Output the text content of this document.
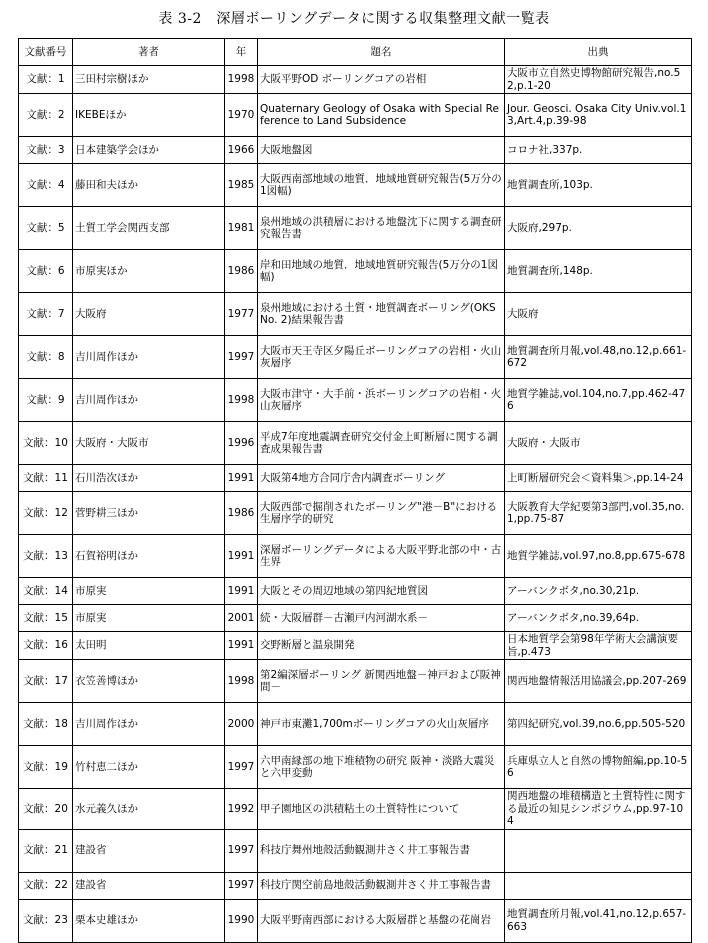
表 3-2　深層ボーリングデータに関する収集整理文献一覧表
文献番号	著者	年	題名	出典
文献：1	三田村宗樹ほか	1998	大阪平野OD ボーリングコアの岩相	大阪市立自然史博物館研究報告,no.52,p.1-20
文献：2	IKEBEほか	1970	Quaternary Geology of Osaka with Special Reference to Land Subsidence	Jour. Geosci. Osaka City Univ.vol.13,Art.4,p.39-98
文献：3	日本建築学会ほか	1966	大阪地盤図	コロナ社,337p.
文献：4	藤田和夫ほか	1985	大阪西南部地域の地質．地域地質研究報告(5万分の1図幅)	地質調査所,103p.
文献：5	土質工学会関西支部	1981	泉州地域の洪積層における地盤沈下に関する調査研究報告書	大阪府,297p.
文献：6	市原実ほか	1986	岸和田地域の地質．地域地質研究報告(5万分の1図幅)	地質調査所,148p.
文献：7	大阪府	1977	泉州地域における土質・地質調査ボーリング(OKS No. 2)結果報告書	大阪府
文献：8	吉川周作ほか	1997	大阪市天王寺区夕陽丘ボーリングコアの岩相・火山灰層序	地質調査所月報,vol.48,no.12,p.661-672
文献：9	吉川周作ほか	1998	大阪市津守・大手前・浜ボーリングコアの岩相・火山灰層序	地質学雑誌,vol.104,no.7,pp.462-476
文献：10	大阪府・大阪市	1996	平成7年度地震調査研究交付金上町断層に関する調査成果報告書	大阪府・大阪市
文献：11	石川浩次ほか	1991	大阪第4地方合同庁舎内調査ボーリング	上町断層研究会＜資料集＞,pp.14-24
文献：12	菅野耕三ほか	1986	大阪西部で掘削されたボーリング"港－B"における生層序学的研究	大阪教育大学紀要第3部門,vol.35,no.1,pp.75-87
文献：13	石賀裕明ほか	1991	深層ボーリングデータによる大阪平野北部の中・古生界	地質学雑誌,vol.97,no.8,pp.675-678
文献：14	市原実	1991	大阪とその周辺地域の第四紀地質図	アーバンクボタ,no.30,21p.
文献：15	市原実	2001	続・大阪層群－古瀬戸内河湖水系－	アーバンクボタ,no.39,64p.
文献：16	太田明	1991	交野断層と温泉開発	日本地質学会第98年学術大会講演要旨,p.473
文献：17	衣笠善博ほか	1998	第2編深層ボーリング 新関西地盤－神戸および阪神間－	関西地盤情報活用協議会,pp.207-269
文献：18	吉川周作ほか	2000	神戸市東灘1,700mボーリングコアの火山灰層序	第四紀研究,vol.39,no.6,pp.505-520
文献：19	竹村恵二ほか	1997	六甲南縁部の地下堆積物の研究 阪神・淡路大震災と六甲変動	兵庫県立人と自然の博物館編,pp.10-56
文献：20	水元義久ほか	1992	甲子園地区の洪積粘土の土質特性について	関西地盤の堆積構造と土質特性に関する最近の知見シンポジウム,pp.97-104
文献：21	建設省	1997	科技庁舞州地殻活動観測井さく井工事報告書	
文献：22	建設省	1997	科技庁関空前島地殻活動観測井さく井工事報告書	
文献：23	栗本史雄ほか	1990	大阪平野南西部における大阪層群と基盤の花崗岩	地質調査所月報,vol.41,no.12,p.657-663
